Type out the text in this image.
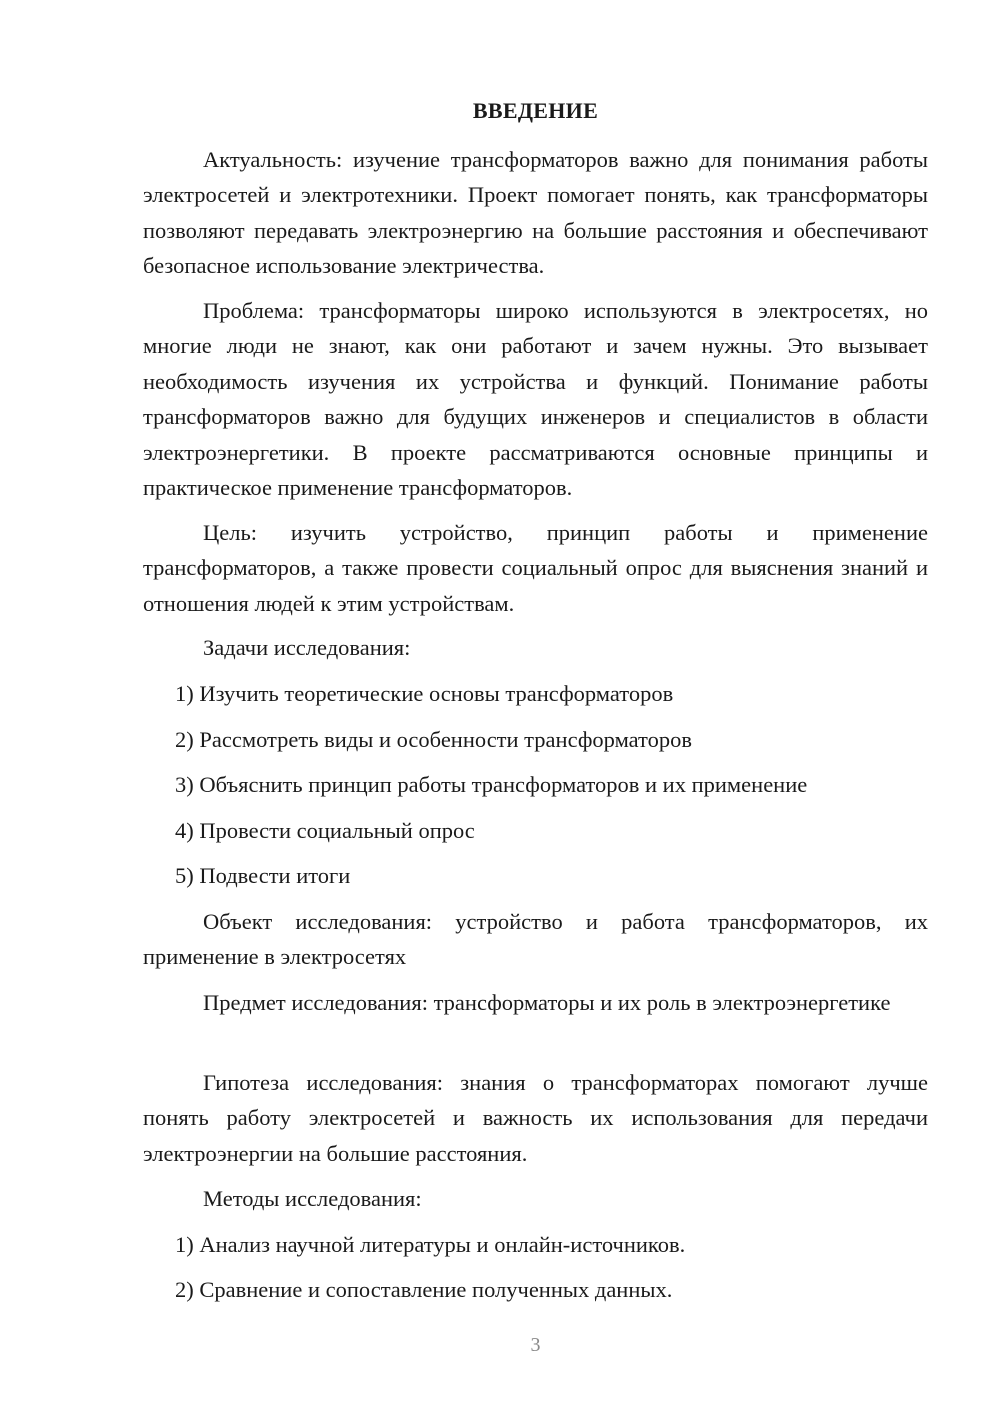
ВВЕДЕНИЕ

Актуальность: изучение трансформаторов важно для понимания работы электросетей и электротехники. Проект помогает понять, как трансформаторы позволяют передавать электроэнергию на большие расстояния и обеспечивают безопасное использование электричества.

Проблема: трансформаторы широко используются в электросетях, но многие люди не знают, как они работают и зачем нужны. Это вызывает необходимость изучения их устройства и функций. Понимание работы трансформаторов важно для будущих инженеров и специалистов в области электроэнергетики. В проекте рассматриваются основные принципы и практическое применение трансформаторов.

Цель: изучить устройство, принцип работы и применение трансформаторов, а также провести социальный опрос для выяснения знаний и отношения людей к этим устройствам.

Задачи исследования:

1) Изучить теоретические основы трансформаторов

2) Рассмотреть виды и особенности трансформаторов

3) Объяснить принцип работы трансформаторов и их применение

4) Провести социальный опрос

5) Подвести итоги

Объект исследования: устройство и работа трансформаторов, их применение в электросетях

Предмет исследования: трансформаторы и их роль в электроэнергетике

Гипотеза исследования: знания о трансформаторах помогают лучше понять работу электросетей и важность их использования для передачи электроэнергии на большие расстояния.

Методы исследования:

1) Анализ научной литературы и онлайн-источников.

2) Сравнение и сопоставление полученных данных.

3
